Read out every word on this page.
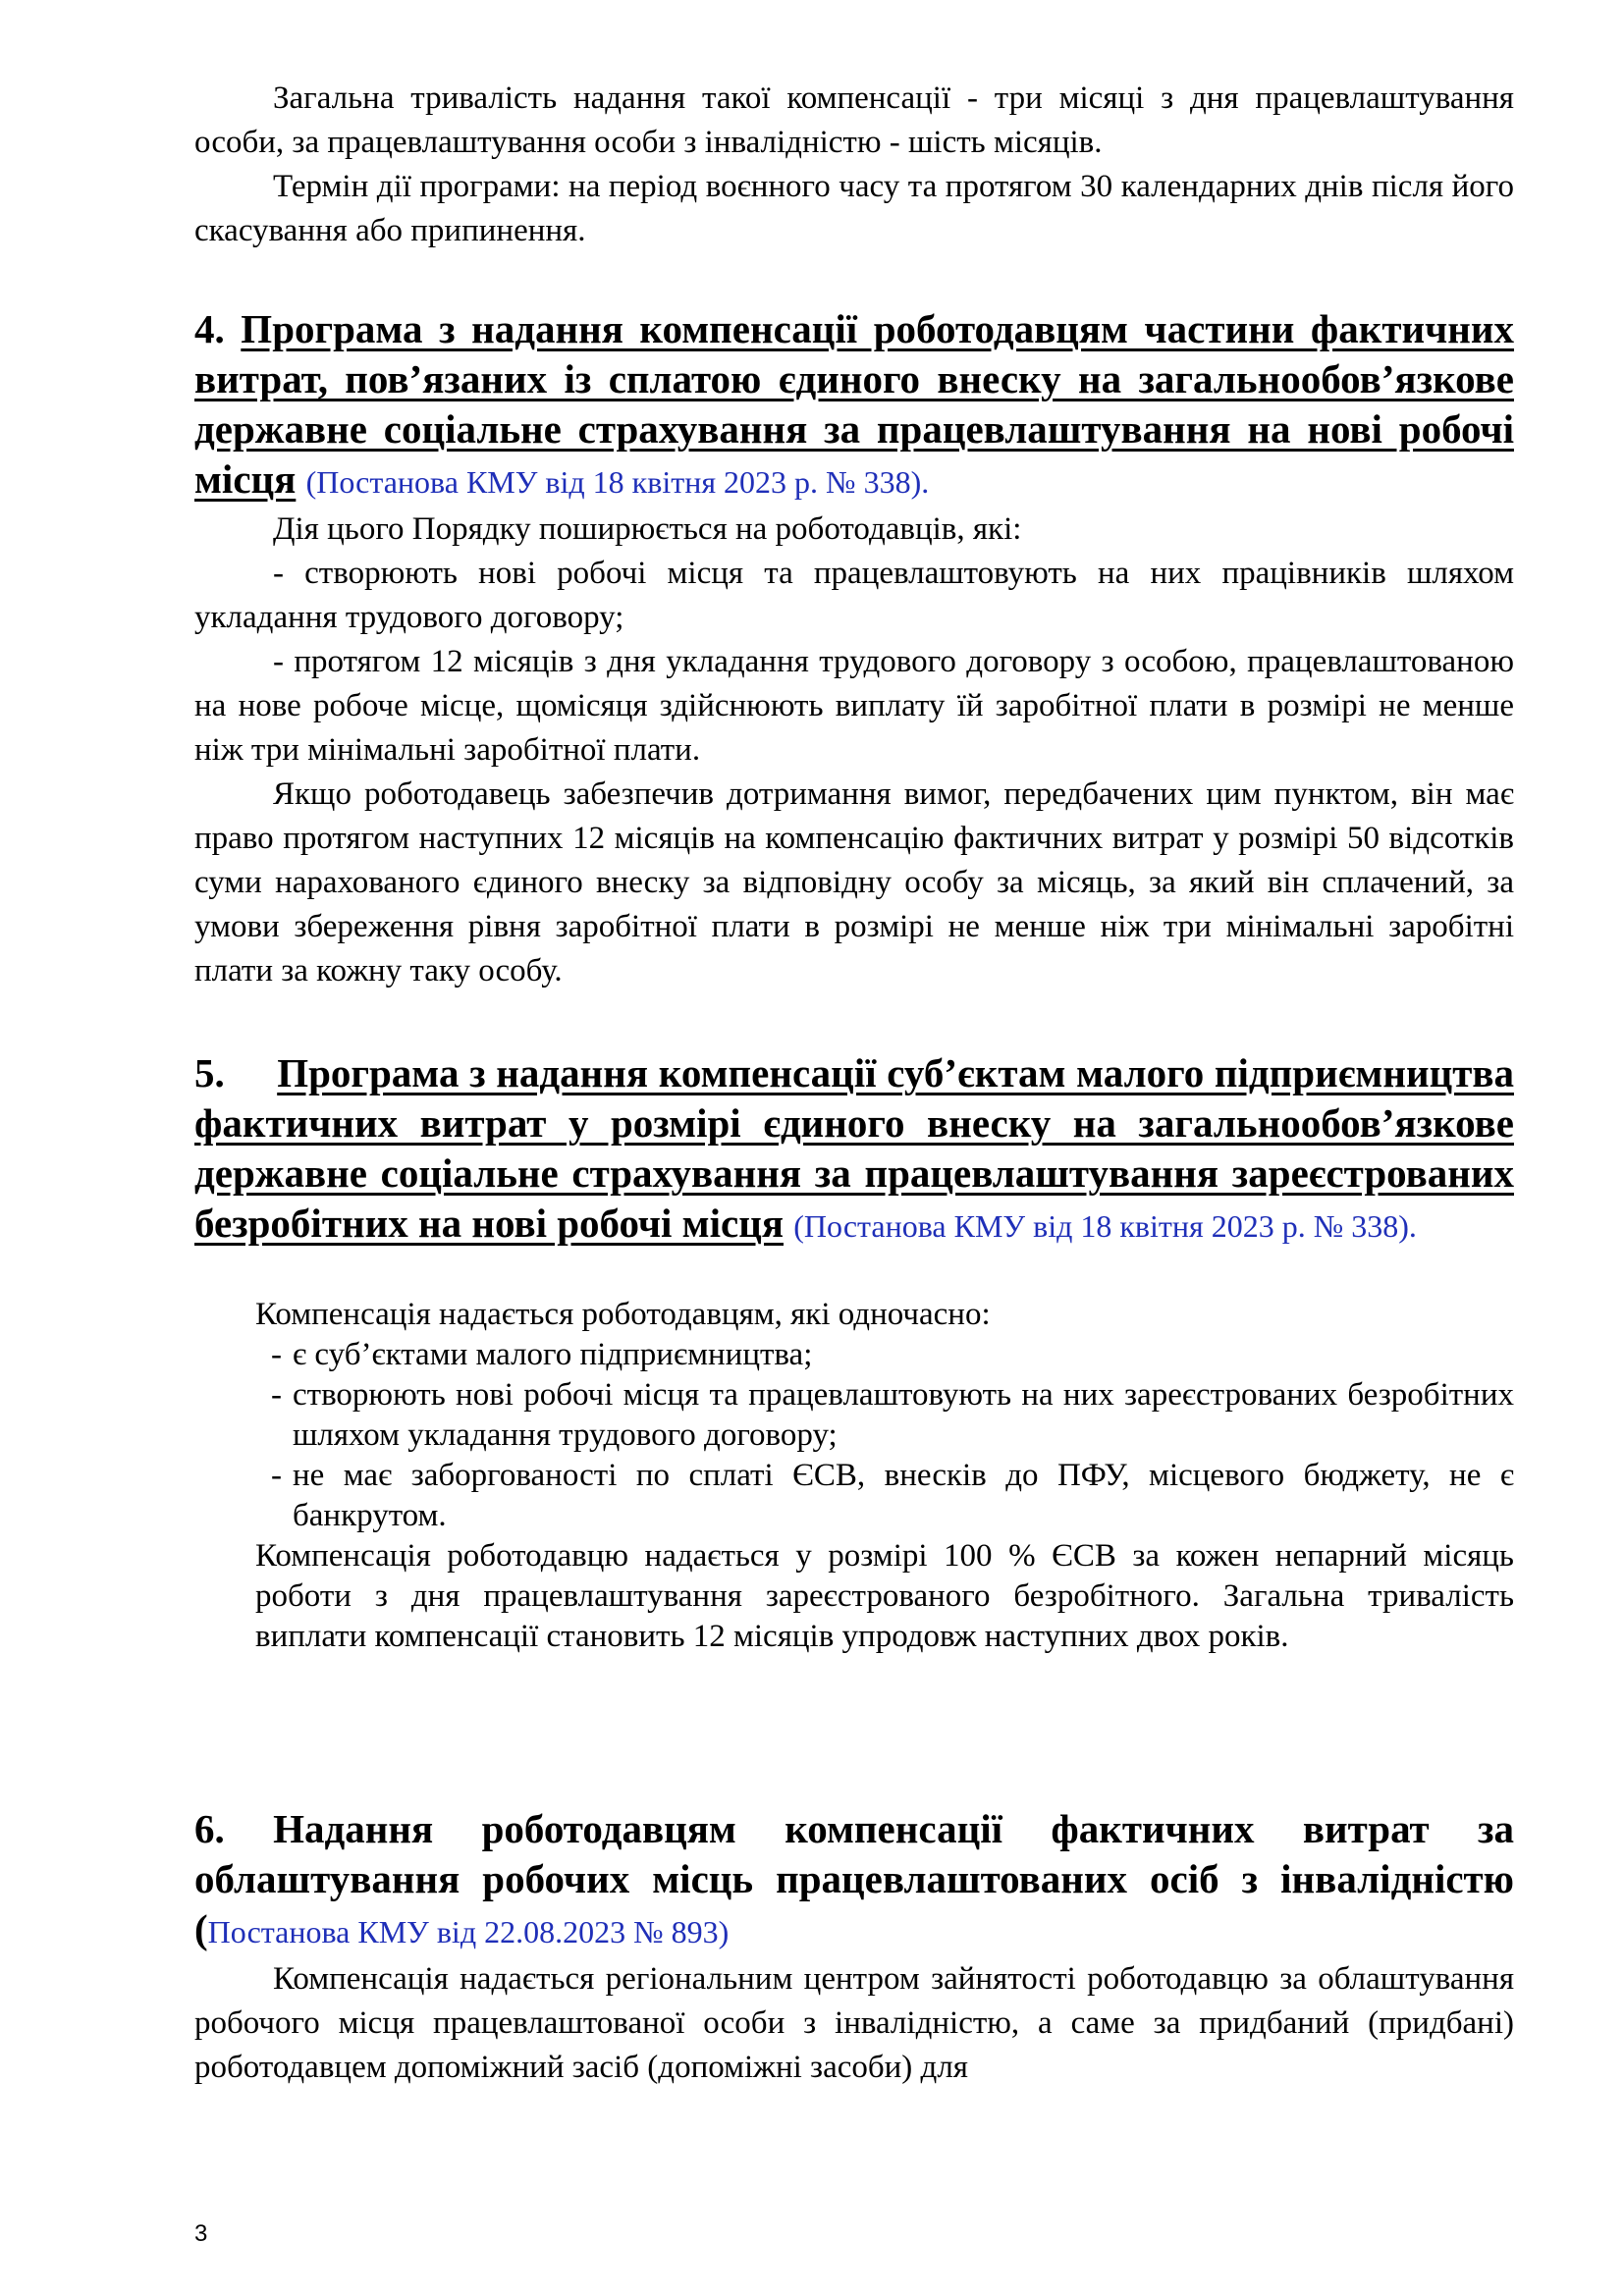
Загальна тривалість надання такої компенсації - три місяці з дня працевлаштування особи, за працевлаштування особи з інвалідністю - шість місяців.

Термін дії програми: на період воєнного часу та протягом 30 календарних днів після його скасування або припинення.

4. Програма з надання компенсації роботодавцям частини фактичних витрат, пов’язаних із сплатою єдиного внеску на загальнообов’язкове державне соціальне страхування за працевлаштування на нові робочі місця (Постанова КМУ від 18 квітня 2023 р. № 338).

Дія цього Порядку поширюється на роботодавців, які:

- створюють нові робочі місця та працевлаштовують на них працівників шляхом укладання трудового договору;

- протягом 12 місяців з дня укладання трудового договору з особою, працевлаштованою на нове робоче місце, щомісяця здійснюють виплату їй заробітної плати в розмірі не менше ніж три мінімальні заробітної плати.

Якщо роботодавець забезпечив дотримання вимог, передбачених цим пунктом, він має право протягом наступних 12 місяців на компенсацію фактичних витрат у розмірі 50 відсотків суми нарахованого єдиного внеску за відповідну особу за місяць, за який він сплачений, за умови збереження рівня заробітної плати в розмірі не менше ніж три мінімальні заробітні плати за кожну таку особу.

5. Програма з надання компенсації суб’єктам малого підприємництва фактичних витрат у розмірі єдиного внеску на загальнообов’язкове державне соціальне страхування за працевлаштування зареєстрованих безробітних на нові робочі місця (Постанова КМУ від 18 квітня 2023 р. № 338).

Компенсація надається роботодавцям, які одночасно:

- є суб’єктами малого підприємництва;

- створюють нові робочі місця та працевлаштовують на них зареєстрованих безробітних шляхом укладання трудового договору;

- не має заборгованості по сплаті ЄСВ, внесків до ПФУ, місцевого бюджету, не є банкрутом.

Компенсація роботодавцю надається у розмірі 100 % ЄСВ за кожен непарний місяць роботи з дня працевлаштування зареєстрованого безробітного. Загальна тривалість виплати компенсації становить 12 місяців упродовж наступних двох років.

6. Надання роботодавцям компенсації фактичних витрат за облаштування робочих місць працевлаштованих осіб з інвалідністю (Постанова КМУ від 22.08.2023 № 893)

Компенсація надається регіональним центром зайнятості роботодавцю за облаштування робочого місця працевлаштованої особи з інвалідністю, а саме за придбаний (придбані) роботодавцем допоміжний засіб (допоміжні засоби) для

3
